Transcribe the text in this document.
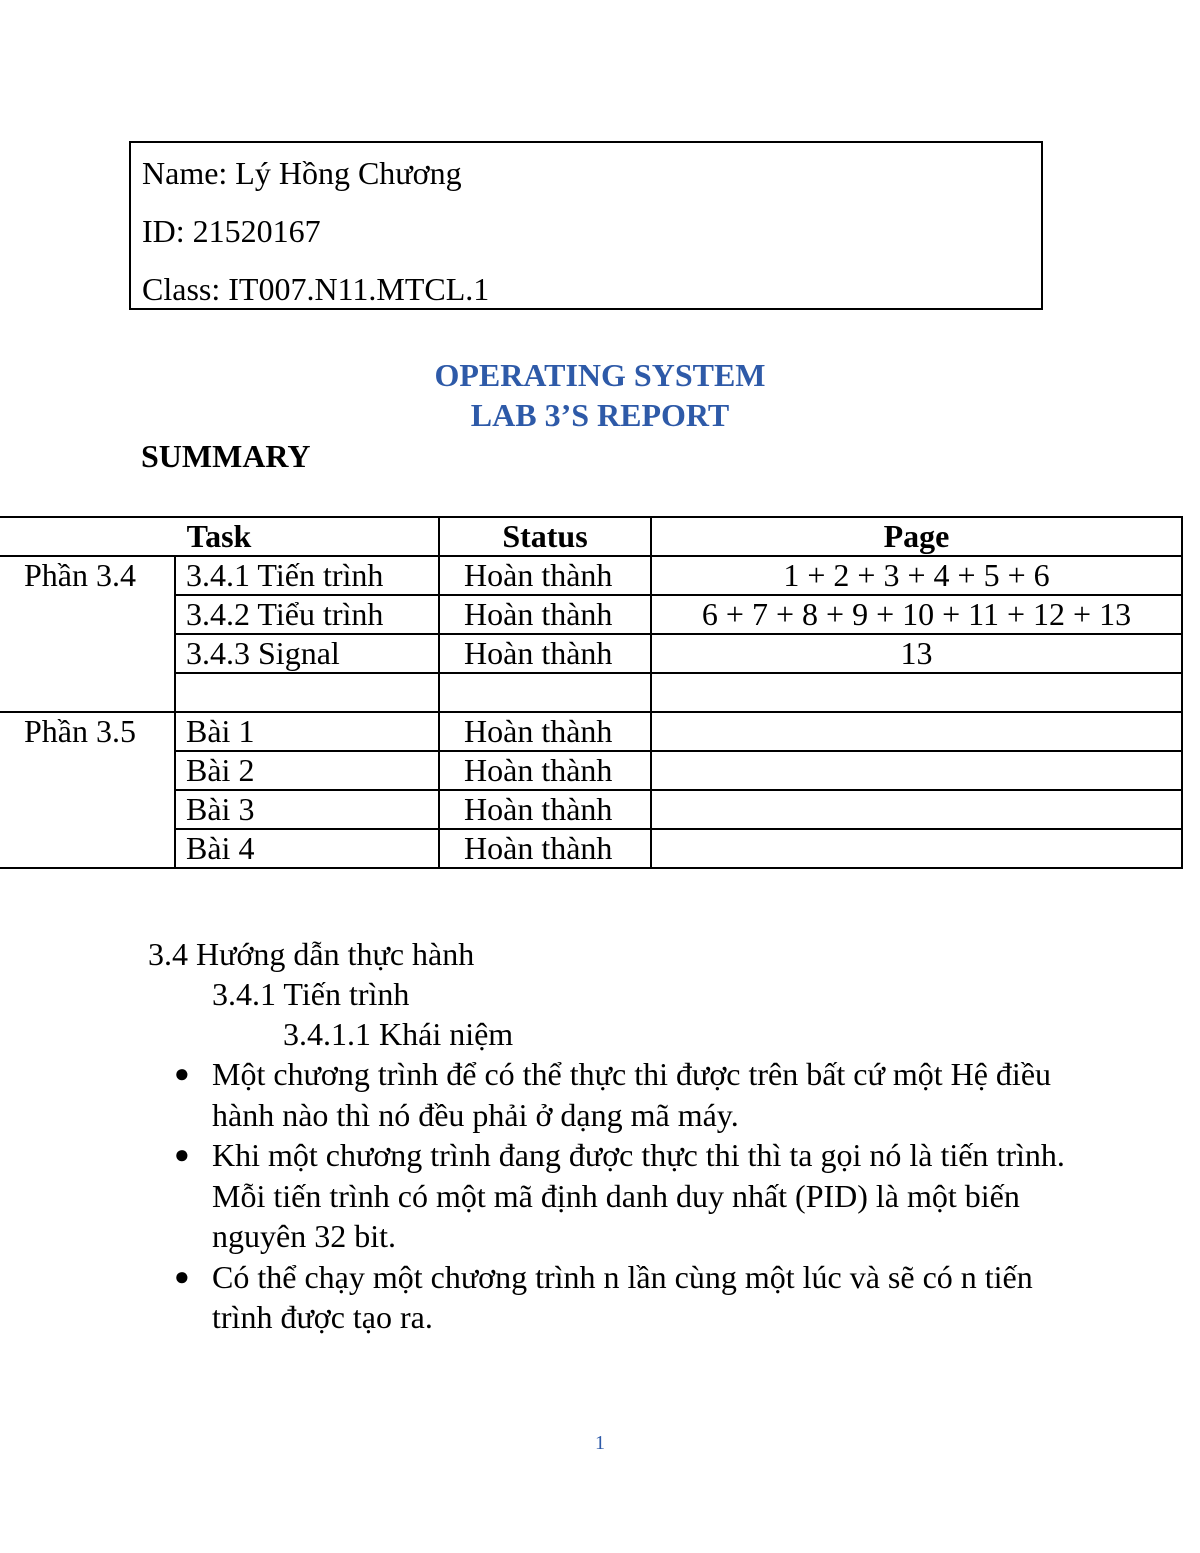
Name: Lý Hồng Chương
ID: 21520167
Class: IT007.N11.MTCL.1
OPERATING SYSTEM
LAB 3’S REPORT
SUMMARY
Task		Status	Page
Phần 3.4	3.4.1 Tiến trình	Hoàn thành	1 + 2 + 3 + 4 + 5 + 6
	3.4.2 Tiểu trình	Hoàn thành	6 + 7 + 8 + 9 + 10 + 11 + 12 + 13
	3.4.3 Signal	Hoàn thành	13

Phần 3.5	Bài 1	Hoàn thành	
	Bài 2	Hoàn thành	
	Bài 3	Hoàn thành	
	Bài 4	Hoàn thành	
3.4 Hướng dẫn thực hành
3.4.1 Tiến trình
3.4.1.1 Khái niệm
● Một chương trình để có thể thực thi được trên bất cứ một Hệ điều hành nào thì nó đều phải ở dạng mã máy.
● Khi một chương trình đang được thực thi thì ta gọi nó là tiến trình. Mỗi tiến trình có một mã định danh duy nhất (PID) là một biến nguyên 32 bit.
● Có thể chạy một chương trình n lần cùng một lúc và sẽ có n tiến trình được tạo ra.
1
